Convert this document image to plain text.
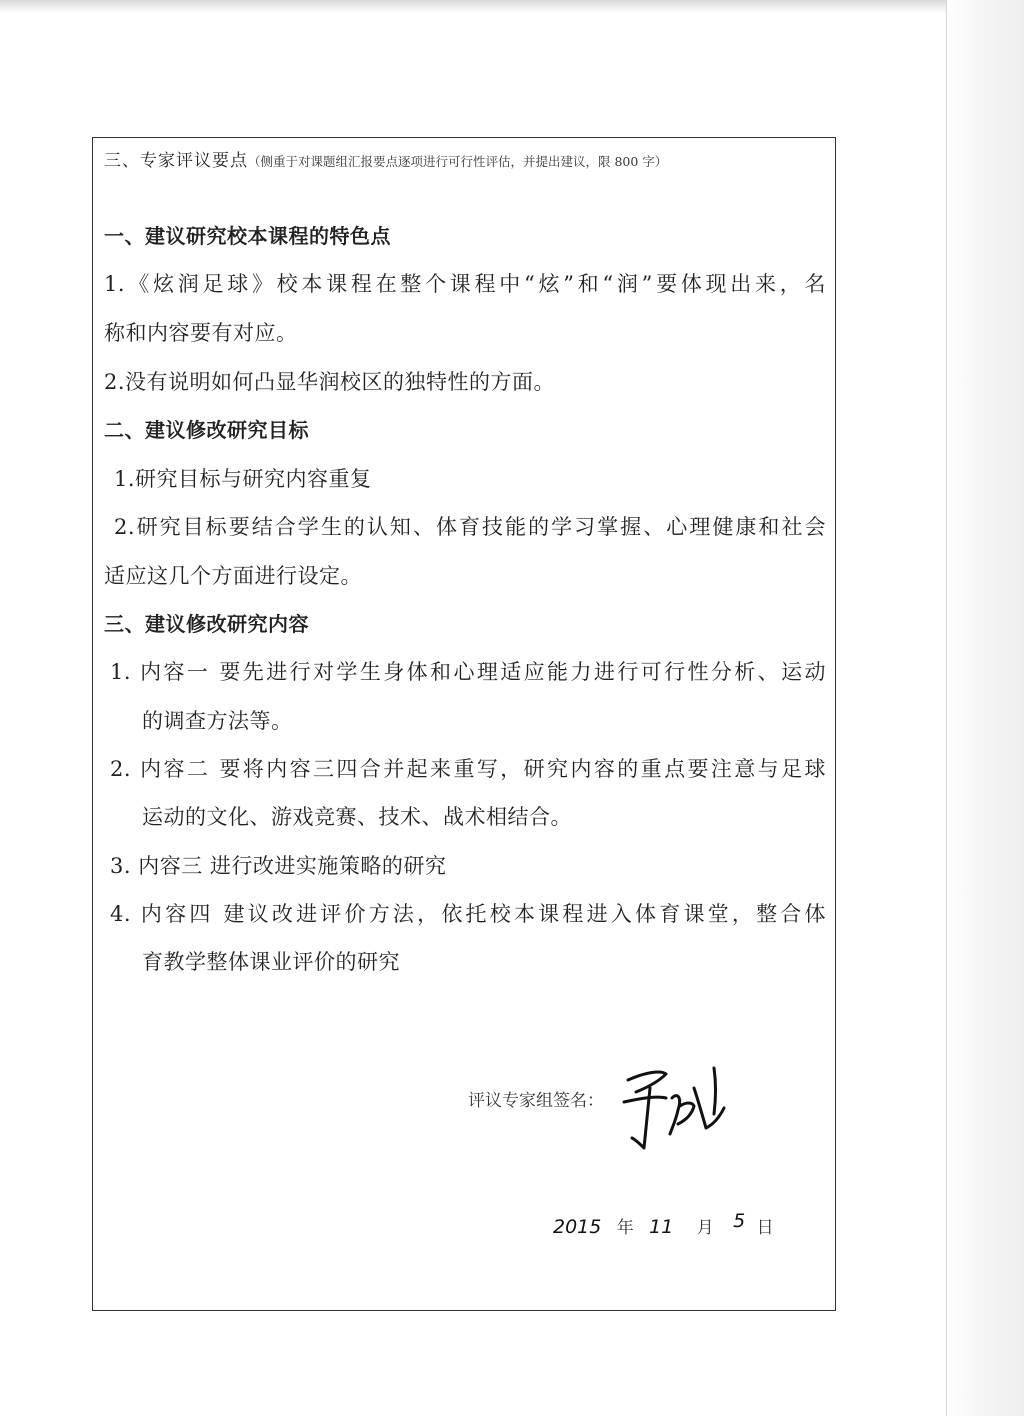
三、专家评议要点（侧重于对课题组汇报要点逐项进行可行性评估，并提出建议，限 800 字）
一、建议研究校本课程的特色点
1.《炫润足球》校本课程在整个课程中“炫”和“润”要体现出来，名
称和内容要有对应。
2.没有说明如何凸显华润校区的独特性的方面。
二、建议修改研究目标
1.研究目标与研究内容重复
2.研究目标要结合学生的认知、体育技能的学习掌握、心理健康和社会
适应这几个方面进行设定。
三、建议修改研究内容
1. 内容一 要先进行对学生身体和心理适应能力进行可行性分析、运动
的调查方法等。
2. 内容二 要将内容三四合并起来重写，研究内容的重点要注意与足球
运动的文化、游戏竞赛、技术、战术相结合。
3. 内容三 进行改进实施策略的研究
4. 内容四 建议改进评价方法，依托校本课程进入体育课堂，整合体
育教学整体课业评价的研究
评议专家组签名：
2015 年 11 月 5 日
